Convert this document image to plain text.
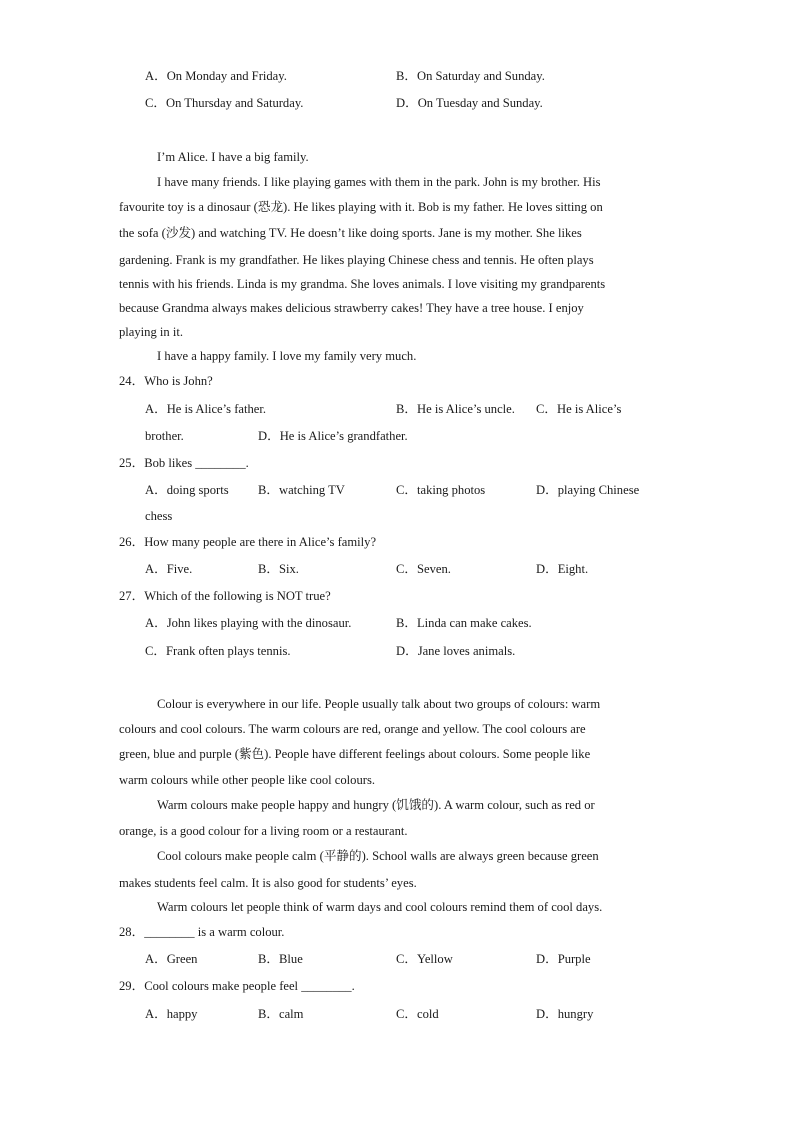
A．On Monday and Friday.	B．On Saturday and Sunday.
C．On Thursday and Saturday.	D．On Tuesday and Sunday.
I’m Alice. I have a big family.
I have many friends. I like playing games with them in the park. John is my brother. His
favourite toy is a dinosaur (恐龙). He likes playing with it. Bob is my father. He loves sitting on
the sofa (沙发) and watching TV. He doesn’t like doing sports. Jane is my mother. She likes
gardening. Frank is my grandfather. He likes playing Chinese chess and tennis. He often plays
tennis with his friends. Linda is my grandma. She loves animals. I love visiting my grandparents
because Grandma always makes delicious strawberry cakes! They have a tree house. I enjoy
playing in it.
I have a happy family. I love my family very much.
24．Who is John?
A．He is Alice’s father.	B．He is Alice’s uncle. C．He is Alice’s
brother.	D．He is Alice’s grandfather.
25．Bob likes ________.
A．doing sports B．watching TV	C．taking photos	D．playing Chinese
chess
26．How many people are there in Alice’s family?
A．Five.	B．Six.	C．Seven.	D．Eight.
27．Which of the following is NOT true?
A．John likes playing with the dinosaur.	B．Linda can make cakes.
C．Frank often plays tennis.	D．Jane loves animals.
Colour is everywhere in our life. People usually talk about two groups of colours: warm
colours and cool colours. The warm colours are red, orange and yellow. The cool colours are
green, blue and purple (紫色). People have different feelings about colours. Some people like
warm colours while other people like cool colours.
Warm colours make people happy and hungry (饥饿的). A warm colour, such as red or
orange, is a good colour for a living room or a restaurant.
Cool colours make people calm (平静的). School walls are always green because green
makes students feel calm. It is also good for students’ eyes.
Warm colours let people think of warm days and cool colours remind them of cool days.
28．________ is a warm colour.
A．Green	B．Blue	C．Yellow	D．Purple
29．Cool colours make people feel ________.
A．happy	B．calm	C．cold	D．hungry
